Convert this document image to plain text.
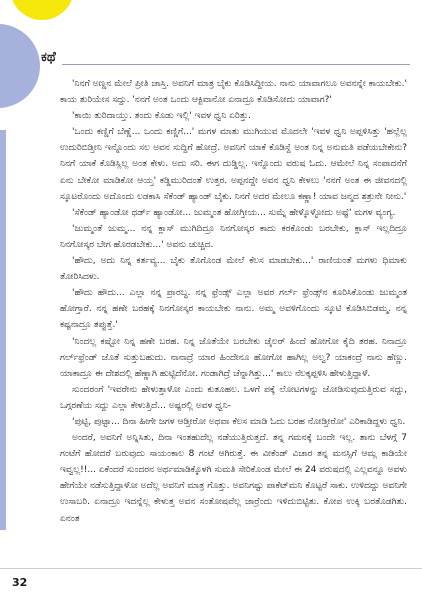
ಕಥೆ

'ನಿನಗೆ ಅಣ್ಣನ ಮೇಲೆ ಪ್ರೀತಿ ಜಾಸ್ತಿ. ಅವನಿಗೆ ಮಾತ್ರ ಬೈಕು ಕೊಡಿಸಿದ್ದೀಯ. ನಾನು ಯಾವಾಗಲೂ ಅವನನ್ನೇ ಕಾಯಬೇಕು.' ಕಾಯ ತುರಿಯೇಸ ಸದ್ದು. 'ನನಗೆ ಅಂತ ಒಂದು ಆಕ್ಟಿವಾನೋ ಏನಾದ್ರೂ ಕೊಡಿಸೋದು ಯಾವಾಗ?'

'ಕಾಯಿ ತುರಿದಾಯ್ತು. ತಂದು ಕೊಡು ಇಲ್ಲಿ' ಇವಳ ಧ್ವನಿ ಏರಿತ್ತು.

'ಒಂದು ಕಣ್ಣಿಗೆ ಬೆಣ್ಣೆ... ಒಂದು ಕಣ್ಣಿಗೆ...' ಮಗಳ ಮಾತು ಮುಗಿಯುವ ಮೊದಲೇ 'ಇವಳ ಧ್ವನಿ ಅಪ್ಪಳಿಸಿತ್ತು 'ಹಲ್ಲೆಲ್ಲ ಉದುರಿಬಿಡ್ತೀನಿ ಇನ್ನೊಂದು ಸಲ ಅವನ ಸುದ್ದಿಗೆ ಹೋದ್ರೆ. ಅವನಿಗೆ ಯಾಕೆ ಕೊಡಿಸ್ದೆ ಅಂತ ನಿನ್ನ ಅನುಮತಿ ಪಡೆಯಬೇಕೇನು? ನಿನಗೆ ಯಾಕೆ ಕೊಡಿಸ್ಲಿಲ್ಲ ಅಂತ ಕೇಳು. ಅದು ಸರಿ. ಈಗ ದುಡ್ಡಿಲ್ಲ. ಇನ್ನೊಂದು ವರುಷ ಓದು. ಆಮೇಲೆ ನಿನ್ನ ಸಂಪಾದನೆಗೆ ಏನು ಬೇಕೋ ಮಾಡಿಕೋ ಆಯ್ತ' ಕಡ್ಡಿಮುರಿದಂತೆ ಉತ್ತರ. ಅಪ್ಪನದ್ದೇ ಅವನ ಧ್ವನಿ ಕೇಳಲು 'ನನಗೆ ಅಂತ ಈ ಜೀವನದಲ್ಲಿ ಸ್ಕೂಟರೊಂದು ಅದೊಂದು ಲಡಕಾಸಿ ಸೆಕೆಂಡ್ ಹ್ಯಾಂಡ್ ಬೈಕು. ನಿನಗೆ ಅದರ ಮೇಲೂ ಕಣ್ಣಾ! ಯಾವ ಜನ್ಮದ ಶತ್ರುನೇ ನೀನು.'

'ಸೆಕೆಂಡ್ ಹ್ಯಾಂಡೋ ಥರ್ಡ್ ಹ್ಯಾಂಡೋ... ಜುಮ್ಮಂತ ಹೋಗ್ತೀಯ... ಸುಮ್ನೆ ಹೇಳ್ಕೊಳ್ಳೋದು ಅಷ್ಟೆ' ಮಗಳ ವ್ಯಂಗ್ಯ.

'ಜುಮ್ಮಂತೆ ಜುಮ್ಮ... ನನ್ನ ಕ್ಲಾಸ್ ಮುಗಿದಿದ್ರೂ ನಿನಗೋಸ್ಕರ ಕಾದು ಕರಕೊಂಡು ಬರಬೇಕು, ಕ್ಲಾಸ್ ಇಲ್ಲದಿದ್ರೂ ನಿನಗೋಸ್ಕರ ಬೇಗ ಹೊರಡಬೇಕು...' ಅವನು ಚುಚ್ಚಿದ.

'ಹೌದು, ಅದು ನಿನ್ನ ಕರ್ತವ್ಯ... ಬೈಕು ತೊಗೊಂಡ ಮೇಲೆ ಕೆಲಸ ಮಾಡಬೇಕು...' ರಾಣಿಯಂತೆ ಮಗಳು ಧಿಮಾಕು ತೋರಿಸಿದಳು.

'ಹೌದು ಹೌದು... ಎಲ್ಲಾ ನನ್ನ ಪ್ರಾರಬ್ಧ. ನನ್ನ ಫ್ರೆಂಡ್ಸ್ ಎಲ್ಲಾ ಅವರ ಗರ್ಲ್ ಫ್ರೆಂಡ್ಸ್‌ನ ಕೂರಿಸಿಕೊಂಡು ಜುಮ್ಮಂತ ಹೋಗ್ತಾರೆ. ನನ್ನ ಹಣೇ ಬರಹಕ್ಕೆ ನಿನಗೋಸ್ಕರ ಕಾಯಬೇಕು ನಾನು. ಅಮ್ಮ ಅವಳಿಗೊಂದು ಸ್ಕೂಟಿ ಕೊಡಿಸಿಬಿಡಮ್ಮ. ನನ್ನ ಕಷ್ಟನಾದ್ರೂ ತಪ್ಪುತ್ತೆ.'

'ನಿಂದಲ್ಲ ಕಷ್ಟೋ ನಿನ್ನ ಹಣೇ ಬರಹ. ನಿನ್ನ ಜೊತೆಯೇ ಬರಬೇಕು ಚೈಲರ್ ಹಿಂದೆ ಹೋಗೋ ಕೈದಿ ತರಹ. ನಿನಾದ್ರೂ ಗರ್ಲ್‌ಫ್ರೆಂಡ್ ಜೊತೆ ಸುತ್ತುಬಹುದು. ನಾನಾದ್ರೆ ಯಾರ ಹಿಂದೇನೂ ಹೋಗೋ ಹಾಗಿಲ್ಲ ಅಲ್ವ? ಯಾಕಂದ್ರೆ ನಾನು ಹೆಣ್ಣು. ಯಾಕಾದ್ರೂ ಈ ದೇಶದಲ್ಲಿ ಹೆಣ್ಣಾಗಿ ಹುಟ್ಟಿದೆನೋ. ಗಂಡಾಗಿದ್ರೆ ಚೆನ್ನಾಗಿತ್ತು...' ಕಾಲು ನೆಲಕ್ಕಪ್ಪಳಿಸಿ ಹೇಳುತ್ತಿದ್ದಾಳೆ.

ಸುಂದರಂಗೆ 'ಇವರೇನು ಹೇಳುತ್ತಾಳೋ ಎಂದು ಕುತೂಹಲ. ಒಳಗೆ ಪಕ್ಕೆ ಲೋಟಗಳನ್ನು ಜೋಡಿಸುವುದುತ್ತಿರುವ ಸದ್ದು, ಒಗ್ಗರಣೆಯ ಸದ್ದು ಎಲ್ಲಾ ಕೇಳುತ್ತಿದೆ... ಅಷ್ಟರಲ್ಲಿ ಅವಳ ಧ್ವನಿ-

'ಪುಟ್ಟಿ, ಪುಟ್ಟಾ... ದಿನಾ ಹೀಗೇ ಜಗಳ ಆಡ್ತೀರೋ ಅಥವಾ ಕೆಲಸ ಮಾಡಿ ಓದು ಬರಹ ನೋಡ್ತೀರೋ' ಎರಿಕಾಡಿದ್ದಳು ಧ್ವನಿ.

ಅಂದರೆ, ಅವನಿಗೆ ಅನ್ನಿಸಿತು, ದಿನಾ ಇಂತಹುದೆಲ್ಲ ನಡೆಯುತ್ತಿರುತ್ತದೆ. ತನ್ನ ಗಮನಕ್ಕೆ ಬಂದೇ ಇಲ್ಲ. ತಾನು ಬೆಳಗ್ಗೆ 7 ಗಂಟೆಗೆ ಹೋದರೆ ಬರುವುದು ಸಾಯಂಕಾಲ 8 ಗಂಟೆ ಆಗಿರುತ್ತೆ. ಈ ವೀಕೆಂಡ್ ವಿಚಾರ ತನ್ನ ಮನಸ್ಸಿಗೆ ಆಮ್ಲ ಕಾಡಿಯೇ ಇವ್ವಲ್ಲ!!... ಏಕೆಂದರೆ ಸುಂದರನ ಅರ್ಥಮಾಡಿಕ್ಕೊಳಗಿ ಸುಮತಿ ಸೇರಿಕೊಂಡ ಮೇಲೆ ಈ 24 ವರುಷದಲ್ಲಿ ಎಲ್ಲವನ್ನೂ ಅವಳು ಹೇಗೆಯೇ ನಡೆಸುತ್ತಿದ್ದಾಳೋ ಅದೆಲ್ಲ ಅವನಿಗೆ ಮಾತ್ರ ಗೊತ್ತು. ಅವನಿಗಷ್ಟು ಪಾಕೆಟ್‌ಮನಿ ಕೊಟ್ಟರೆ ಸಾಕು. ಉಳಿದದ್ದು ಅವನಿಗೇ ಉಸಾಬರಿ. ಏನಾದ್ರೂ ಇದನ್ನೆಲ್ಲ ಕೇಳುತ್ತ ಅವನ ಸಂತೋಷವೆಲ್ಲ ಜಾರ್ರೆಂದು ಇಳಿದುಬಿಟ್ಟಿತು. ಕೋಪ ಉಕ್ಕಿ ಬರತೊಡಗಿತು. ಏನಂತ

32
